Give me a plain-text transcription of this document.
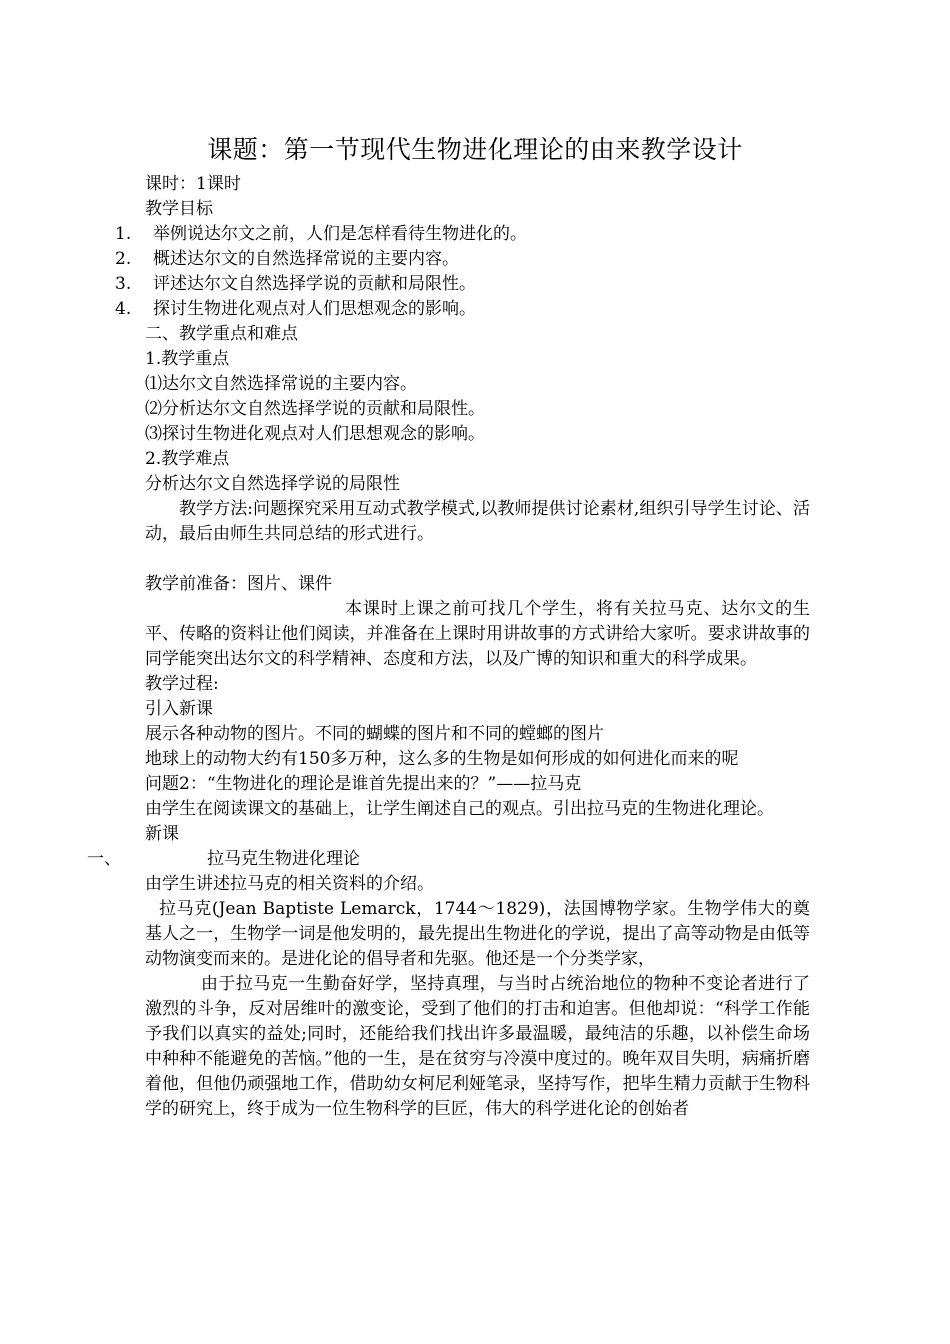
课题：第一节现代生物进化理论的由来教学设计
课时：1课时
教学目标
1. 举例说达尔文之前，人们是怎样看待生物进化的。
2. 概述达尔文的自然选择常说的主要内容。
3. 评述达尔文自然选择学说的贡献和局限性。
4. 探讨生物进化观点对人们思想观念的影响。
二、教学重点和难点
1.教学重点
⑴达尔文自然选择常说的主要内容。
⑵分析达尔文自然选择学说的贡献和局限性。
⑶探讨生物进化观点对人们思想观念的影响。
2.教学难点
分析达尔文自然选择学说的局限性
教学方法:问题探究采用互动式教学模式,以教师提供讨论素材,组织引导学生讨论、活动，最后由师生共同总结的形式进行。
教学前准备：图片、课件
本课时上课之前可找几个学生，将有关拉马克、达尔文的生平、传略的资料让他们阅读，并准备在上课时用讲故事的方式讲给大家听。要求讲故事的同学能突出达尔文的科学精神、态度和方法，以及广博的知识和重大的科学成果。
教学过程:
引入新课
展示各种动物的图片。不同的蝴蝶的图片和不同的螳螂的图片
地球上的动物大约有150多万种，这么多的生物是如何形成的如何进化而来的呢
问题2：“生物进化的理论是谁首先提出来的？”——拉马克
由学生在阅读课文的基础上，让学生阐述自己的观点。引出拉马克的生物进化理论。
新课
一、	拉马克生物进化理论
由学生讲述拉马克的相关资料的介绍。
拉马克(Jean Baptiste Lemarck，1744～1829)，法国博物学家。生物学伟大的奠基人之一，生物学一词是他发明的，最先提出生物进化的学说，提出了高等动物是由低等动物演变而来的。是进化论的倡导者和先驱。他还是一个分类学家，
由于拉马克一生勤奋好学，坚持真理，与当时占统治地位的物种不变论者进行了激烈的斗争，反对居维叶的激变论，受到了他们的打击和迫害。但他却说：“科学工作能予我们以真实的益处;同时，还能给我们找出许多最温暖，最纯洁的乐趣，以补偿生命场中种种不能避免的苦恼。”他的一生，是在贫穷与冷漠中度过的。晚年双目失明，病痛折磨着他，但他仍顽强地工作，借助幼女柯尼利娅笔录，坚持写作，把毕生精力贡献于生物科学的研究上，终于成为一位生物科学的巨匠，伟大的科学进化论的创始者
